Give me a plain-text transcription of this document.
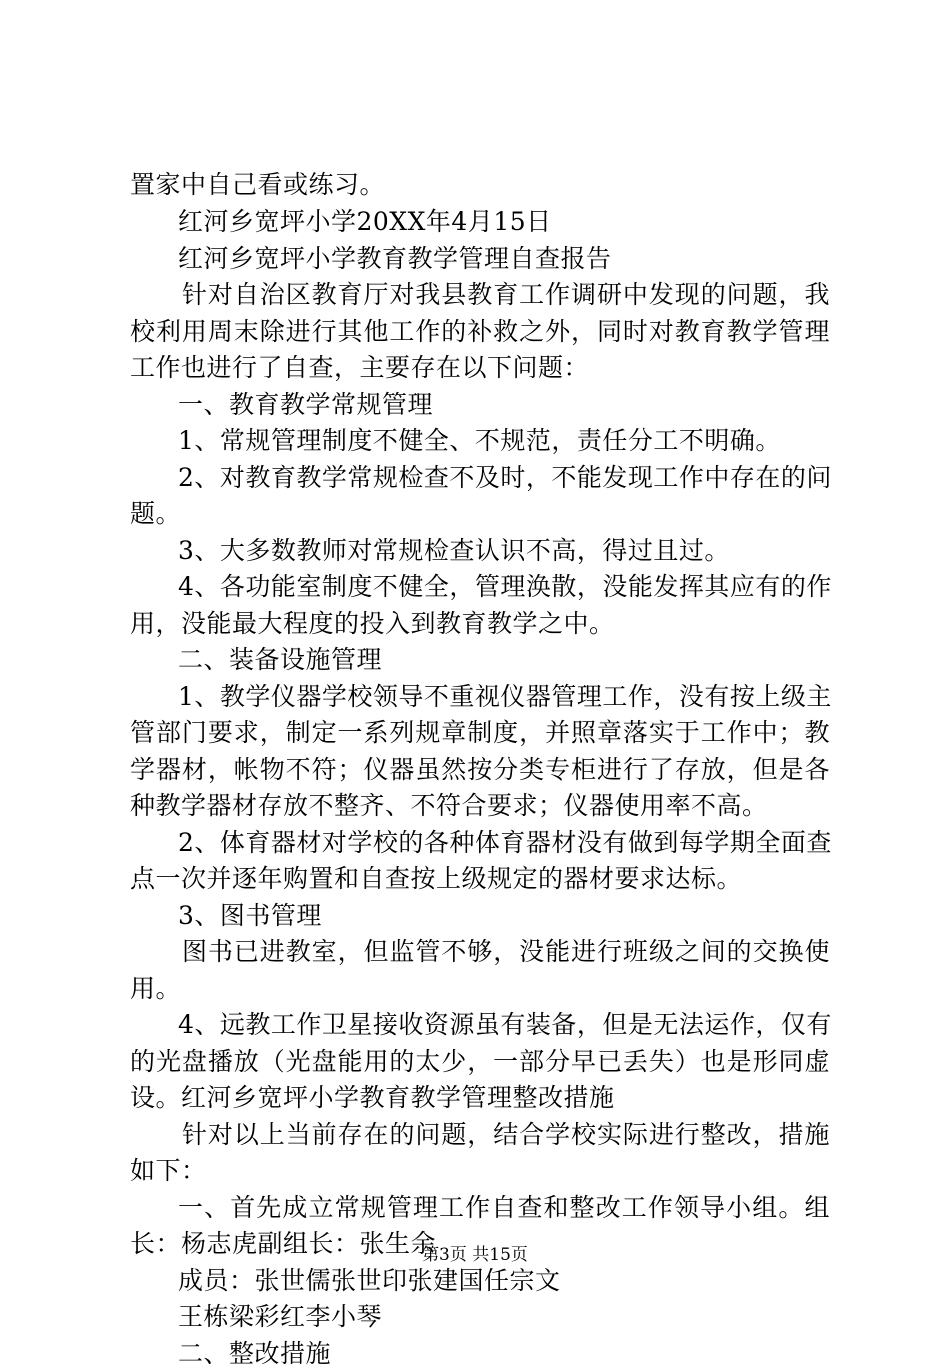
置家中自己看或练习。
红河乡宽坪小学20XX年4月15日
红河乡宽坪小学教育教学管理自查报告
针对自治区教育厅对我县教育工作调研中发现的问题，我
校利用周末除进行其他工作的补救之外，同时对教育教学管理
工作也进行了自查，主要存在以下问题：
一、教育教学常规管理
1、常规管理制度不健全、不规范，责任分工不明确。
2、对教育教学常规检查不及时，不能发现工作中存在的问
题。
3、大多数教师对常规检查认识不高，得过且过。
4、各功能室制度不健全，管理涣散，没能发挥其应有的作
用，没能最大程度的投入到教育教学之中。
二、装备设施管理
1、教学仪器学校领导不重视仪器管理工作，没有按上级主
管部门要求，制定一系列规章制度，并照章落实于工作中；教
学器材，帐物不符；仪器虽然按分类专柜进行了存放，但是各
种教学器材存放不整齐、不符合要求；仪器使用率不高。
2、体育器材对学校的各种体育器材没有做到每学期全面查
点一次并逐年购置和自查按上级规定的器材要求达标。
3、图书管理
图书已进教室，但监管不够，没能进行班级之间的交换使
用。
4、远教工作卫星接收资源虽有装备，但是无法运作，仅有
的光盘播放（光盘能用的太少，一部分早已丢失）也是形同虚
设。红河乡宽坪小学教育教学管理整改措施
针对以上当前存在的问题，结合学校实际进行整改，措施
如下：
一、首先成立常规管理工作自查和整改工作领导小组。组
长：杨志虎副组长：张生余
成员：张世儒张世印张建国任宗文
王栋梁彩红李小琴
二、整改措施
第3页 共15页
